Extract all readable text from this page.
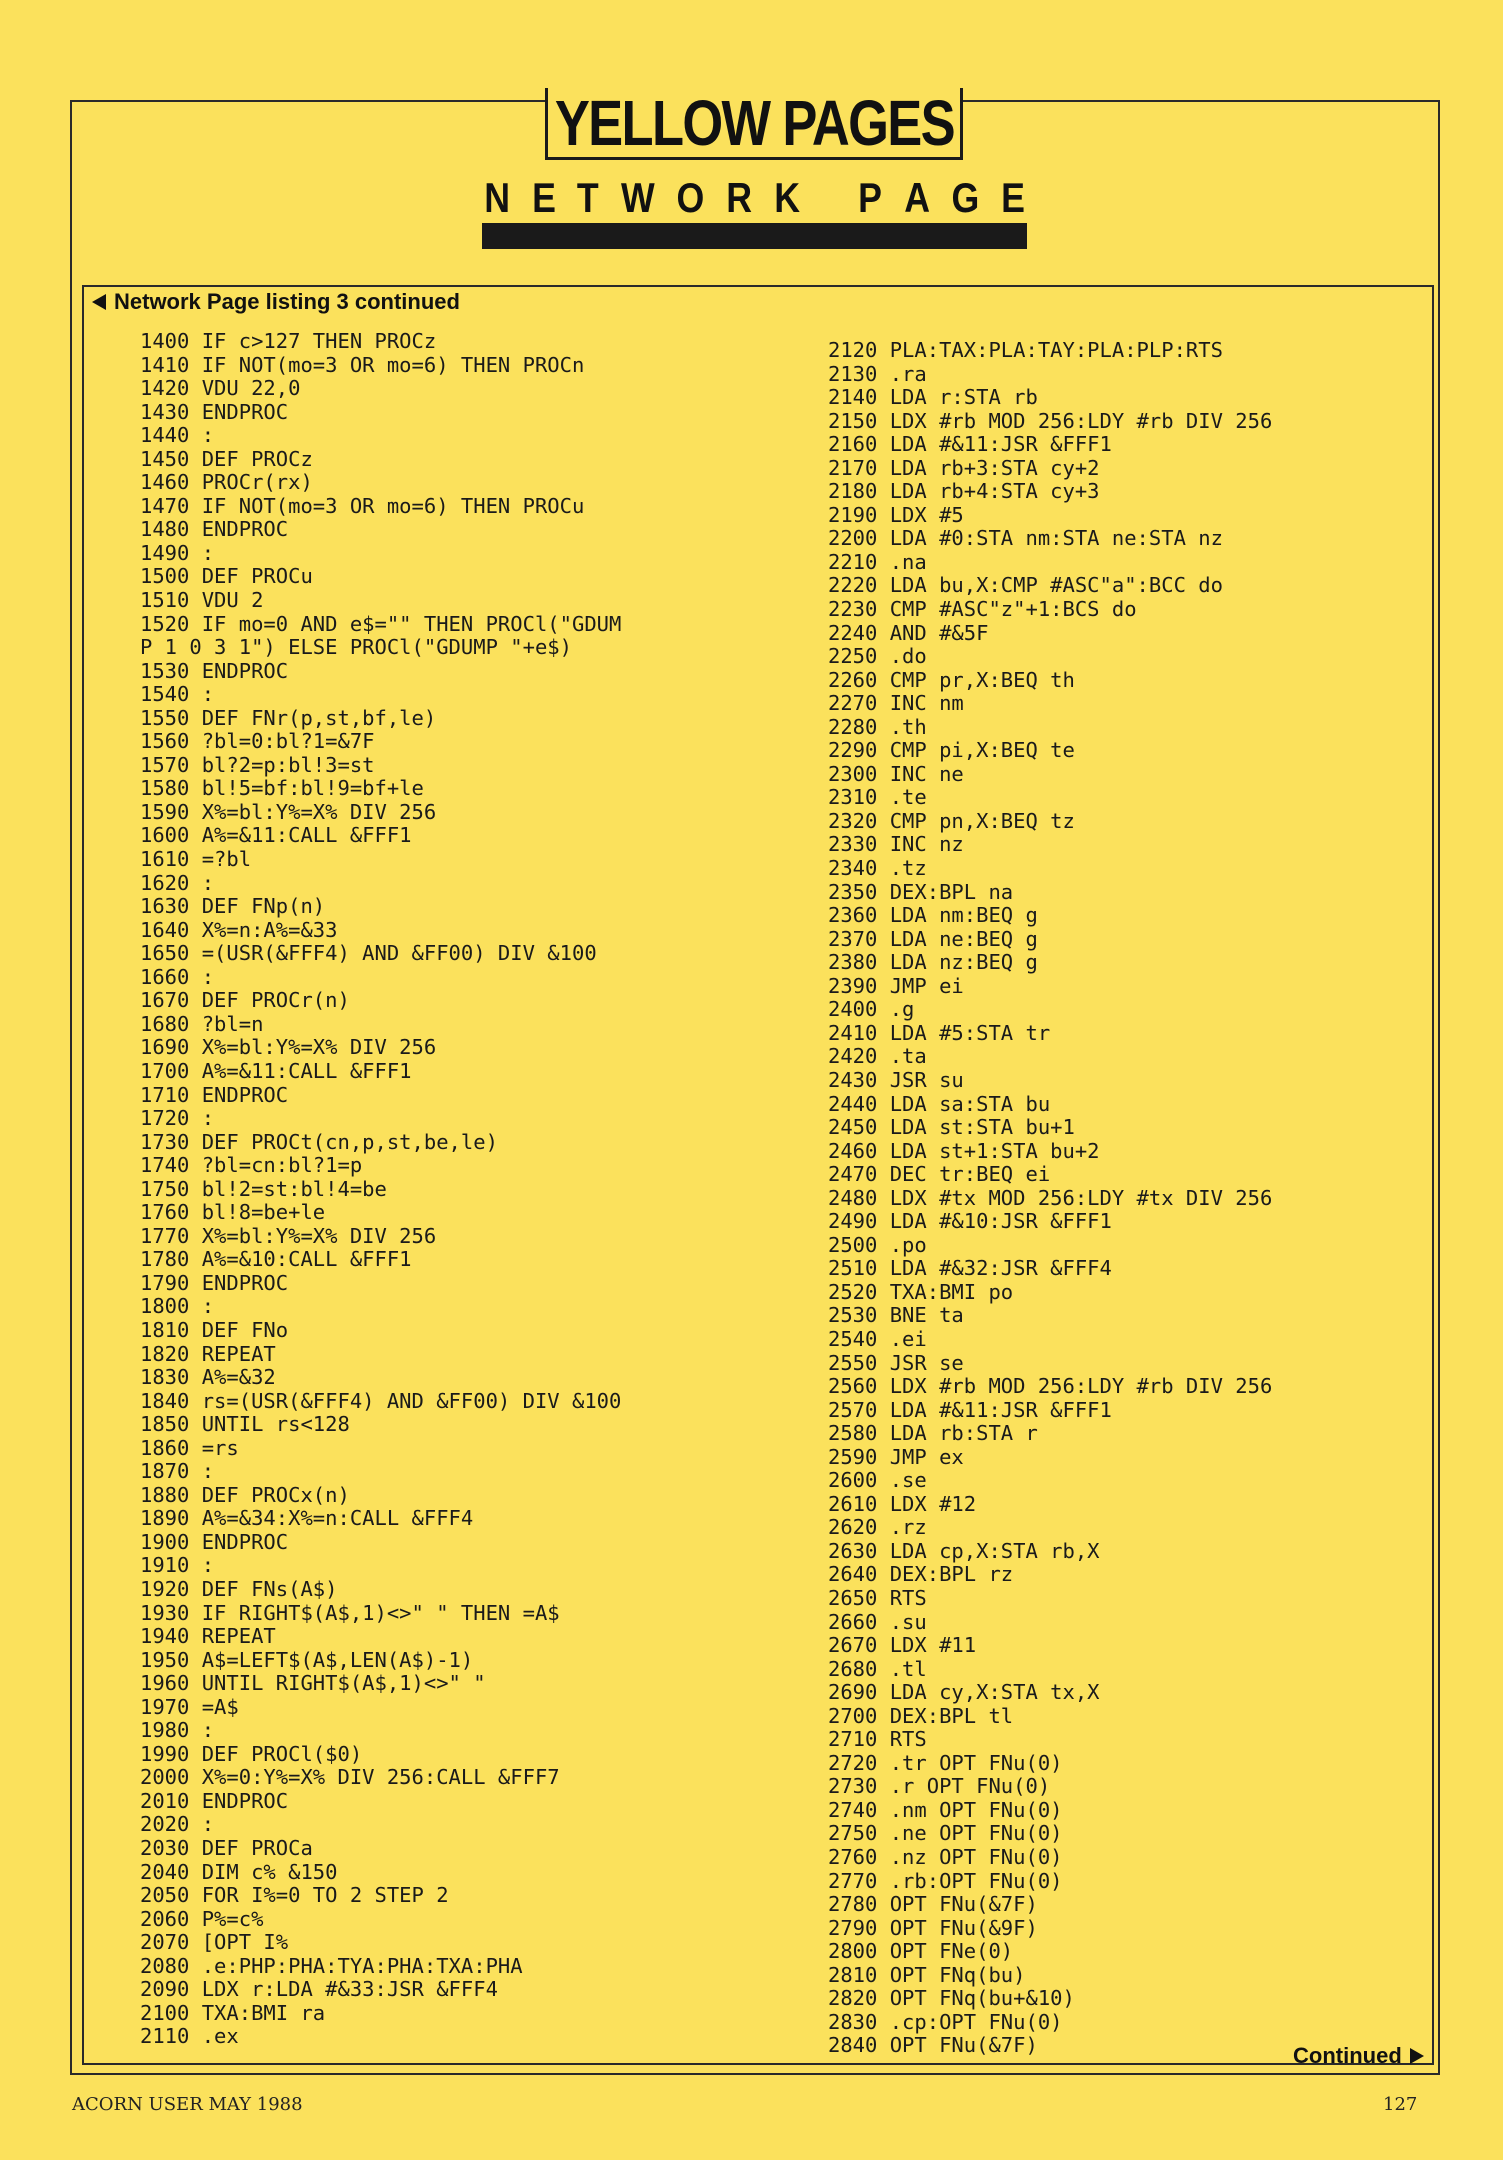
YELLOW PAGES
N E T W O R K P A G E
Network Page listing 3 continued
1400 IF c>127 THEN PROCz
1410 IF NOT(mo=3 OR mo=6) THEN PROCn
1420 VDU 22,0
1430 ENDPROC
1440 :
1450 DEF PROCz
1460 PROCr(rx)
1470 IF NOT(mo=3 OR mo=6) THEN PROCu
1480 ENDPROC
1490 :
1500 DEF PROCu
1510 VDU 2
1520 IF mo=0 AND e$="" THEN PROCl("GDUM
P 1 0 3 1") ELSE PROCl("GDUMP "+e$)
1530 ENDPROC
1540 :
1550 DEF FNr(p,st,bf,le)
1560 ?bl=0:bl?1=&7F
1570 bl?2=p:bl!3=st
1580 bl!5=bf:bl!9=bf+le
1590 X%=bl:Y%=X% DIV 256
1600 A%=&11:CALL &FFF1
1610 =?bl
1620 :
1630 DEF FNp(n)
1640 X%=n:A%=&33
1650 =(USR(&FFF4) AND &FF00) DIV &100
1660 :
1670 DEF PROCr(n)
1680 ?bl=n
1690 X%=bl:Y%=X% DIV 256
1700 A%=&11:CALL &FFF1
1710 ENDPROC
1720 :
1730 DEF PROCt(cn,p,st,be,le)
1740 ?bl=cn:bl?1=p
1750 bl!2=st:bl!4=be
1760 bl!8=be+le
1770 X%=bl:Y%=X% DIV 256
1780 A%=&10:CALL &FFF1
1790 ENDPROC
1800 :
1810 DEF FNo
1820 REPEAT
1830 A%=&32
1840 rs=(USR(&FFF4) AND &FF00) DIV &100
1850 UNTIL rs<128
1860 =rs
1870 :
1880 DEF PROCx(n)
1890 A%=&34:X%=n:CALL &FFF4
1900 ENDPROC
1910 :
1920 DEF FNs(A$)
1930 IF RIGHT$(A$,1)<>" " THEN =A$
1940 REPEAT
1950 A$=LEFT$(A$,LEN(A$)-1)
1960 UNTIL RIGHT$(A$,1)<>" "
1970 =A$
1980 :
1990 DEF PROCl($0)
2000 X%=0:Y%=X% DIV 256:CALL &FFF7
2010 ENDPROC
2020 :
2030 DEF PROCa
2040 DIM c% &150
2050 FOR I%=0 TO 2 STEP 2
2060 P%=c%
2070 [OPT I%
2080 .e:PHP:PHA:TYA:PHA:TXA:PHA
2090 LDX r:LDA #&33:JSR &FFF4
2100 TXA:BMI ra
2110 .ex
2120 PLA:TAX:PLA:TAY:PLA:PLP:RTS
2130 .ra
2140 LDA r:STA rb
2150 LDX #rb MOD 256:LDY #rb DIV 256
2160 LDA #&11:JSR &FFF1
2170 LDA rb+3:STA cy+2
2180 LDA rb+4:STA cy+3
2190 LDX #5
2200 LDA #0:STA nm:STA ne:STA nz
2210 .na
2220 LDA bu,X:CMP #ASC"a":BCC do
2230 CMP #ASC"z"+1:BCS do
2240 AND #&5F
2250 .do
2260 CMP pr,X:BEQ th
2270 INC nm
2280 .th
2290 CMP pi,X:BEQ te
2300 INC ne
2310 .te
2320 CMP pn,X:BEQ tz
2330 INC nz
2340 .tz
2350 DEX:BPL na
2360 LDA nm:BEQ g
2370 LDA ne:BEQ g
2380 LDA nz:BEQ g
2390 JMP ei
2400 .g
2410 LDA #5:STA tr
2420 .ta
2430 JSR su
2440 LDA sa:STA bu
2450 LDA st:STA bu+1
2460 LDA st+1:STA bu+2
2470 DEC tr:BEQ ei
2480 LDX #tx MOD 256:LDY #tx DIV 256
2490 LDA #&10:JSR &FFF1
2500 .po
2510 LDA #&32:JSR &FFF4
2520 TXA:BMI po
2530 BNE ta
2540 .ei
2550 JSR se
2560 LDX #rb MOD 256:LDY #rb DIV 256
2570 LDA #&11:JSR &FFF1
2580 LDA rb:STA r
2590 JMP ex
2600 .se
2610 LDX #12
2620 .rz
2630 LDA cp,X:STA rb,X
2640 DEX:BPL rz
2650 RTS
2660 .su
2670 LDX #11
2680 .tl
2690 LDA cy,X:STA tx,X
2700 DEX:BPL tl
2710 RTS
2720 .tr OPT FNu(0)
2730 .r OPT FNu(0)
2740 .nm OPT FNu(0)
2750 .ne OPT FNu(0)
2760 .nz OPT FNu(0)
2770 .rb:OPT FNu(0)
2780 OPT FNu(&7F)
2790 OPT FNu(&9F)
2800 OPT FNe(0)
2810 OPT FNq(bu)
2820 OPT FNq(bu+&10)
2830 .cp:OPT FNu(0)
2840 OPT FNu(&7F)	Continued
ACORN USER MAY 1988	127
